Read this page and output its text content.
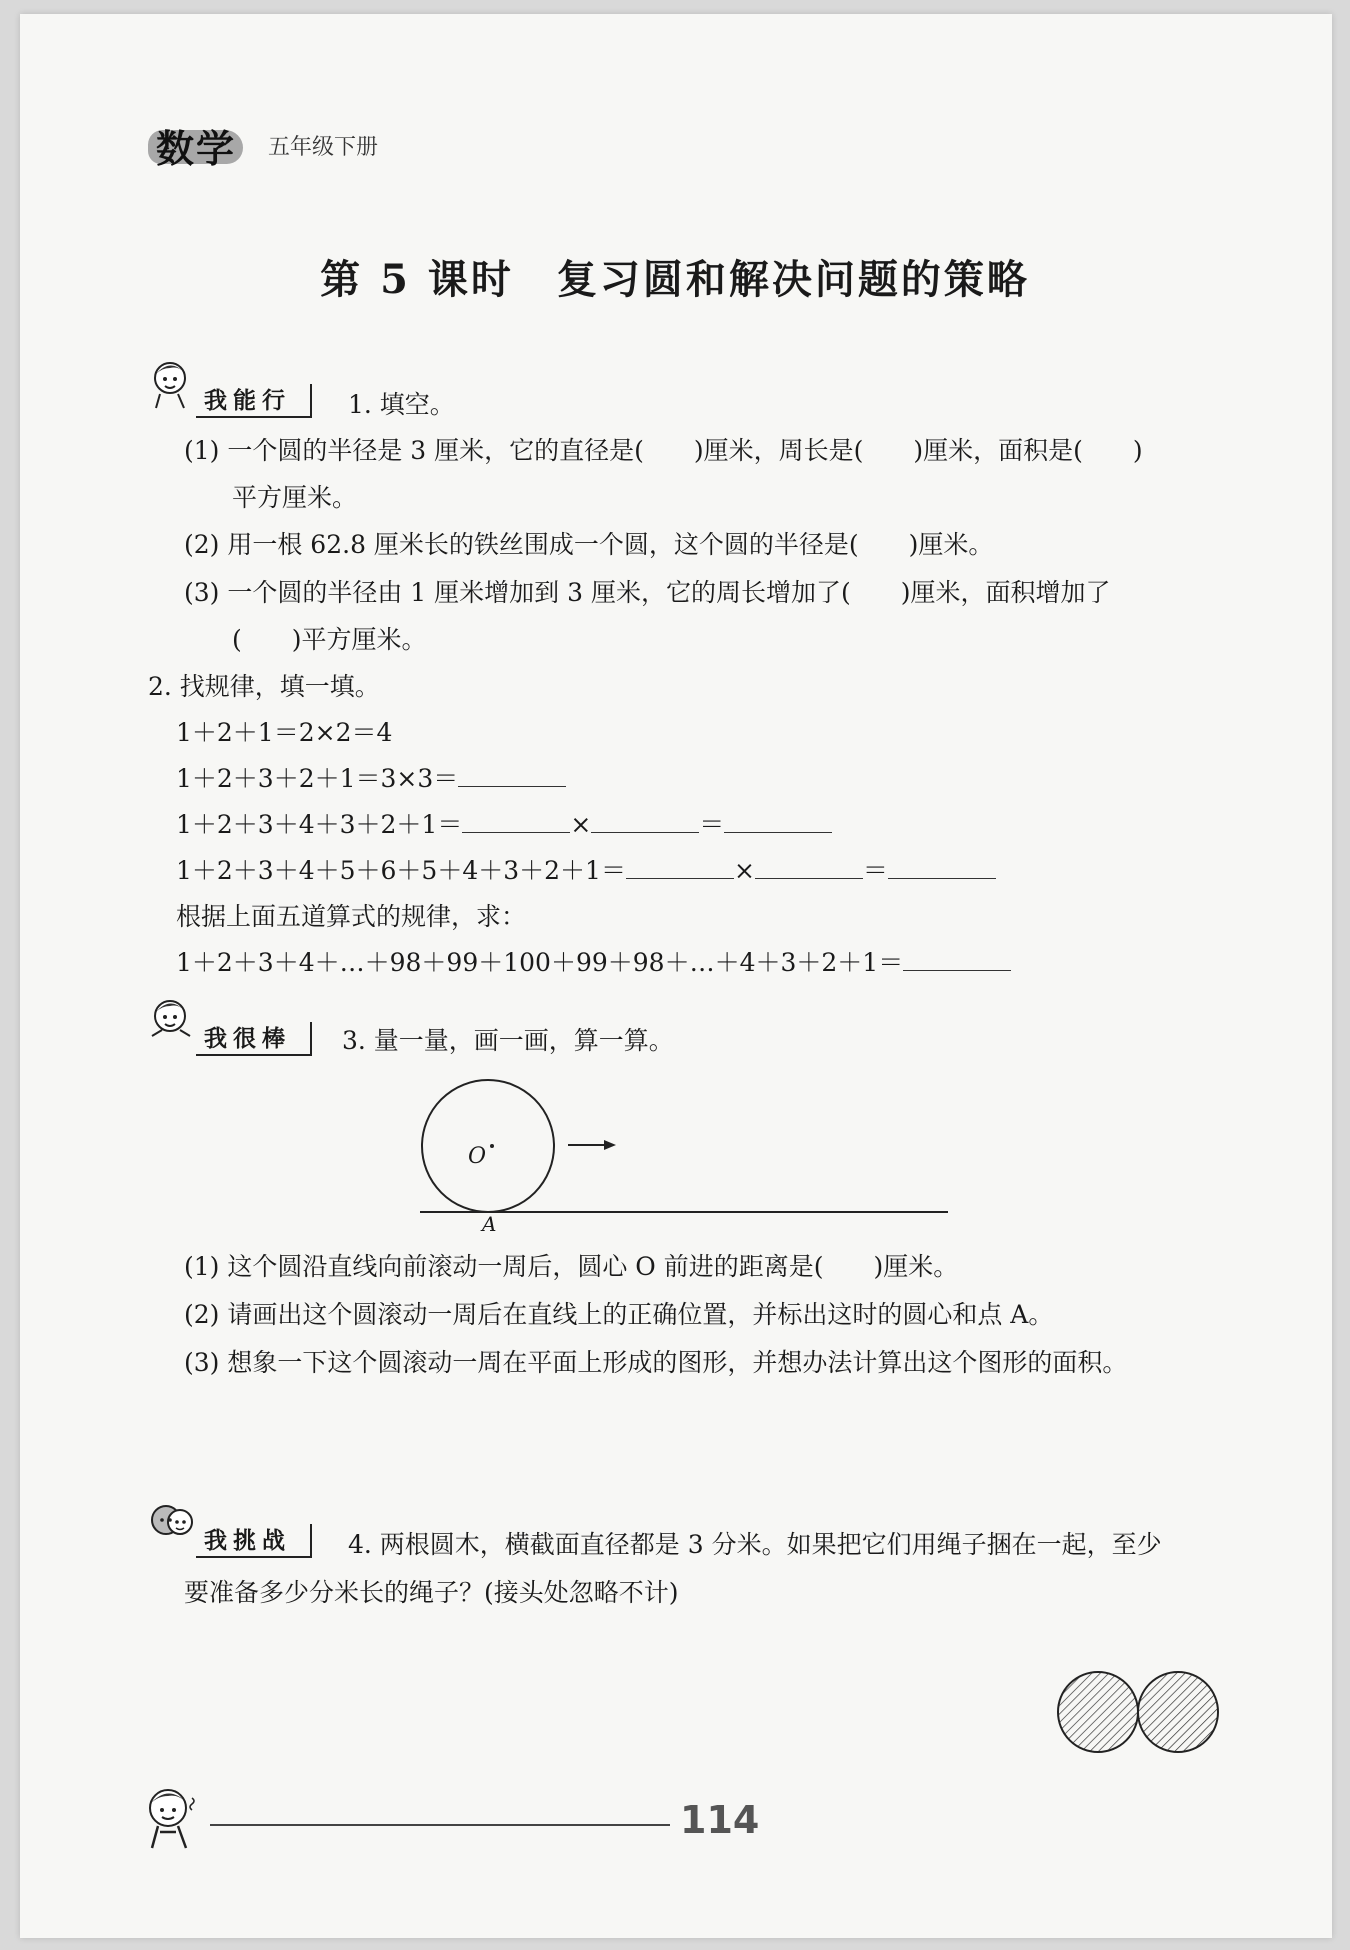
数学 五年级下册
第 5 课时　复习圆和解决问题的策略
我能行	1. 填空。
(1) 一个圆的半径是 3 厘米，它的直径是(　　)厘米，周长是(　　)厘米，面积是(　　)
平方厘米。
(2) 用一根 62.8 厘米长的铁丝围成一个圆，这个圆的半径是(　　)厘米。
(3) 一个圆的半径由 1 厘米增加到 3 厘米，它的周长增加了(　　)厘米，面积增加了
(　　)平方厘米。
2. 找规律，填一填。
1＋2＋1＝2×2＝4
1＋2＋3＋2＋1＝3×3＝
1＋2＋3＋4＋3＋2＋1＝	×	＝
1＋2＋3＋4＋5＋6＋5＋4＋3＋2＋1＝	×	＝
根据上面五道算式的规律，求：
1＋2＋3＋4＋…＋98＋99＋100＋99＋98＋…＋4＋3＋2＋1＝
我很棒	3. 量一量，画一画，算一算。
O
A
(1) 这个圆沿直线向前滚动一周后，圆心 O 前进的距离是(　　)厘米。
(2) 请画出这个圆滚动一周后在直线上的正确位置，并标出这时的圆心和点 A。
(3) 想象一下这个圆滚动一周在平面上形成的图形，并想办法计算出这个图形的面积。
我挑战	4. 两根圆木，横截面直径都是 3 分米。如果把它们用绳子捆在一起，至少
要准备多少分米长的绳子？(接头处忽略不计)
114
